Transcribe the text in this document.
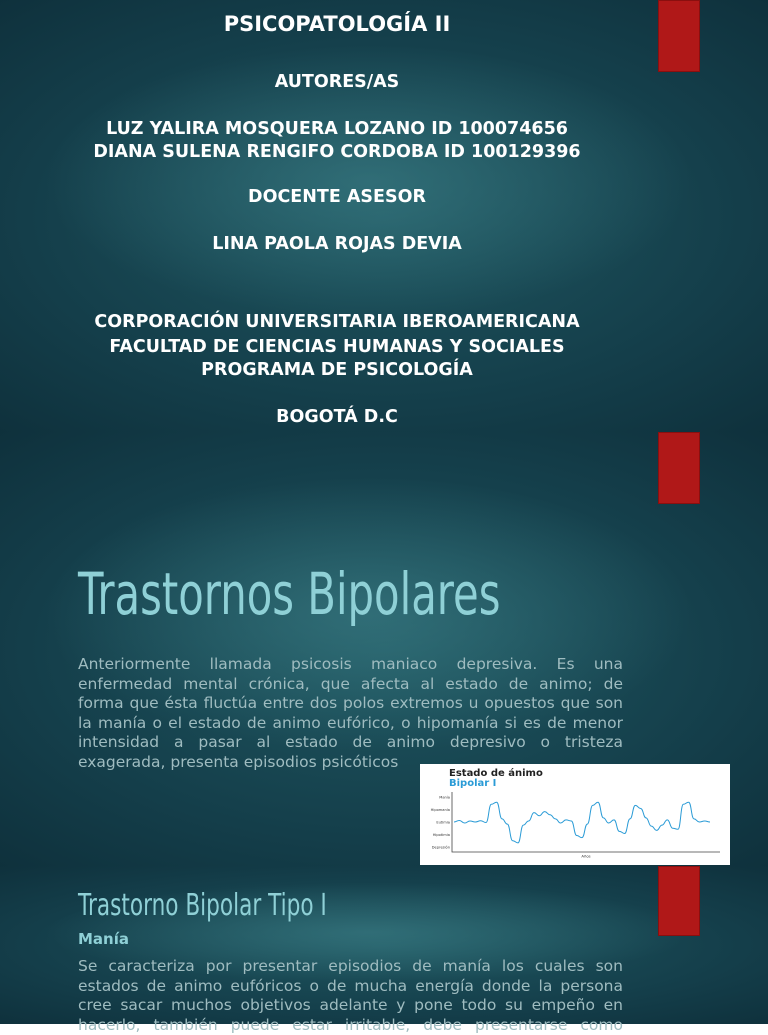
PSICOPATOLOGÍA II
AUTORES/AS
LUZ YALIRA MOSQUERA LOZANO ID 100074656
DIANA SULENA RENGIFO CORDOBA ID 100129396
DOCENTE ASESOR
LINA PAOLA ROJAS DEVIA
CORPORACIÓN UNIVERSITARIA IBEROAMERICANA
FACULTAD DE CIENCIAS HUMANAS Y SOCIALES
PROGRAMA DE PSICOLOGÍA
BOGOTÁ D.C
Trastornos Bipolares
Anteriormente llamada psicosis maniaco depresiva. Es una
enfermedad mental crónica, que afecta al estado de animo; de
forma que ésta fluctúa entre dos polos extremos u opuestos que son
la manía o el estado de animo eufórico, o hipomanía si es de menor
intensidad a pasar al estado de animo depresivo o tristeza
exagerada, presenta episodios psicóticos
Estado de ánimo
Bipolar I
Manía
Hipomanía
Eutimia
Hipotimia
Depresión
Años
Trastorno Bipolar Tipo I
Manía
Se caracteriza por presentar episodios de manía los cuales son
estados de animo eufóricos o de mucha energía donde la persona
cree sacar muchos objetivos adelante y pone todo su empeño en
hacerlo, también puede estar irritable, debe presentarse como
